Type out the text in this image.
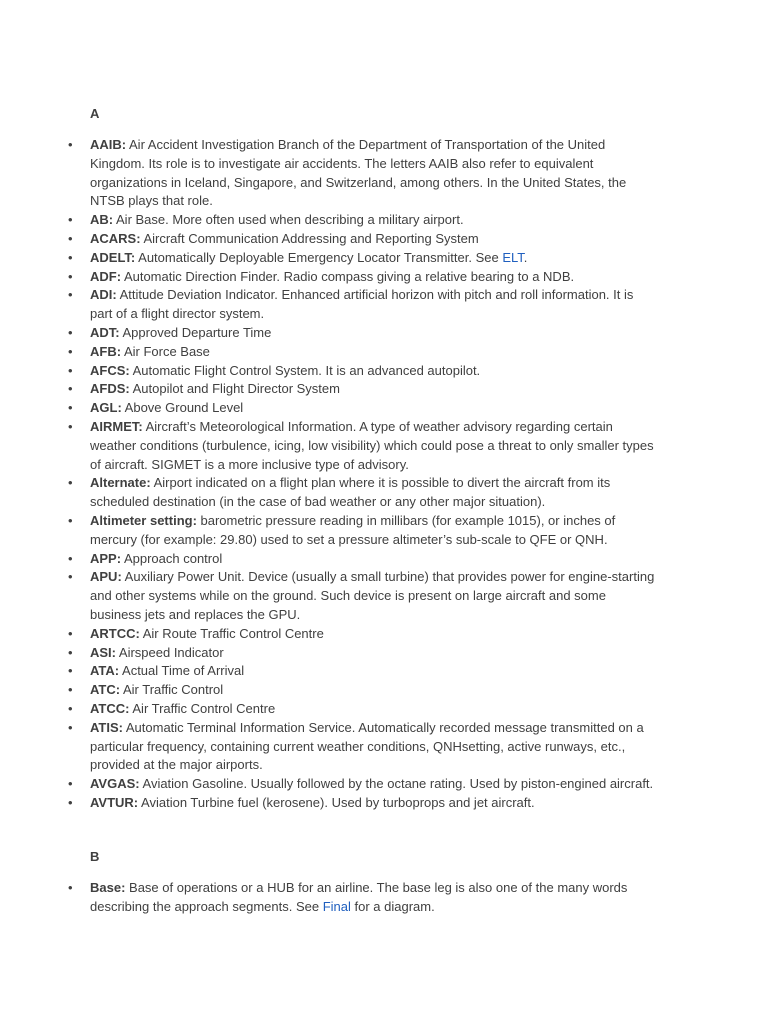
A
• AAIB: Air Accident Investigation Branch of the Department of Transportation of the United Kingdom. Its role is to investigate air accidents. The letters AAIB also refer to equivalent organizations in Iceland, Singapore, and Switzerland, among others. In the United States, the NTSB plays that role.
• AB: Air Base. More often used when describing a military airport.
• ACARS: Aircraft Communication Addressing and Reporting System
• ADELT: Automatically Deployable Emergency Locator Transmitter. See ELT.
• ADF: Automatic Direction Finder. Radio compass giving a relative bearing to a NDB.
• ADI: Attitude Deviation Indicator. Enhanced artificial horizon with pitch and roll information. It is part of a flight director system.
• ADT: Approved Departure Time
• AFB: Air Force Base
• AFCS: Automatic Flight Control System. It is an advanced autopilot.
• AFDS: Autopilot and Flight Director System
• AGL: Above Ground Level
• AIRMET: Aircraft’s Meteorological Information. A type of weather advisory regarding certain weather conditions (turbulence, icing, low visibility) which could pose a threat to only smaller types of aircraft. SIGMET is a more inclusive type of advisory.
• Alternate: Airport indicated on a flight plan where it is possible to divert the aircraft from its scheduled destination (in the case of bad weather or any other major situation).
• Altimeter setting: barometric pressure reading in millibars (for example 1015), or inches of mercury (for example: 29.80) used to set a pressure altimeter’s sub-scale to QFE or QNH.
• APP: Approach control
• APU: Auxiliary Power Unit. Device (usually a small turbine) that provides power for engine-starting and other systems while on the ground. Such device is present on large aircraft and some business jets and replaces the GPU.
• ARTCC: Air Route Traffic Control Centre
• ASI: Airspeed Indicator
• ATA: Actual Time of Arrival
• ATC: Air Traffic Control
• ATCC: Air Traffic Control Centre
• ATIS: Automatic Terminal Information Service. Automatically recorded message transmitted on a particular frequency, containing current weather conditions, QNHsetting, active runways, etc., provided at the major airports.
• AVGAS: Aviation Gasoline. Usually followed by the octane rating. Used by piston-engined aircraft.
• AVTUR: Aviation Turbine fuel (kerosene). Used by turboprops and jet aircraft.
B
• Base: Base of operations or a HUB for an airline. The base leg is also one of the many words describing the approach segments. See Final for a diagram.
